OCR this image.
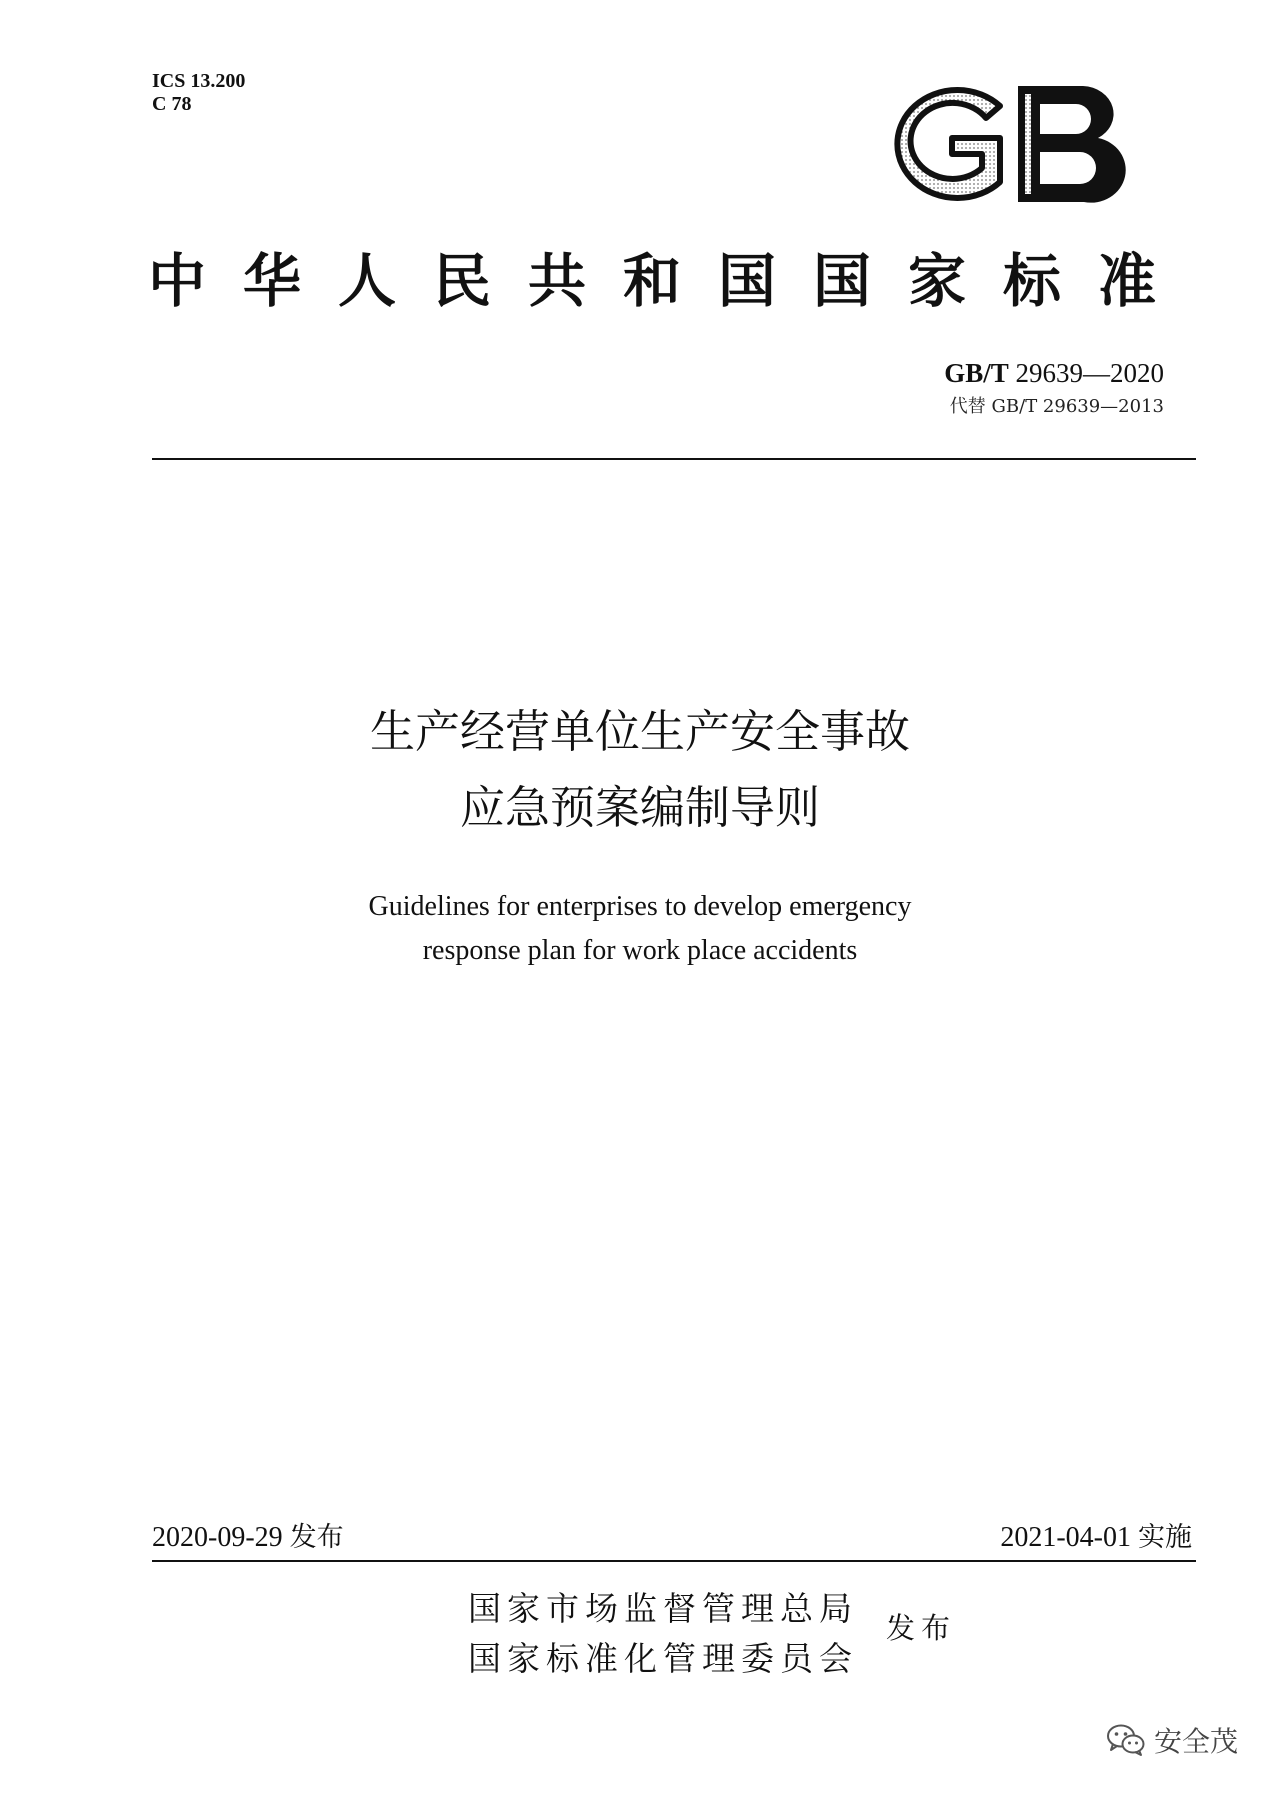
ICS 13.200
C 78
中华人民共和国国家标准
GB/T 29639—2020
代替 GB/T 29639—2013
生产经营单位生产安全事故
应急预案编制导则
Guidelines for enterprises to develop emergency
response plan for work place accidents
2020-09-29 发布	2021-04-01 实施
国家市场监督管理总局
国家标准化管理委员会
发布
安全茂
